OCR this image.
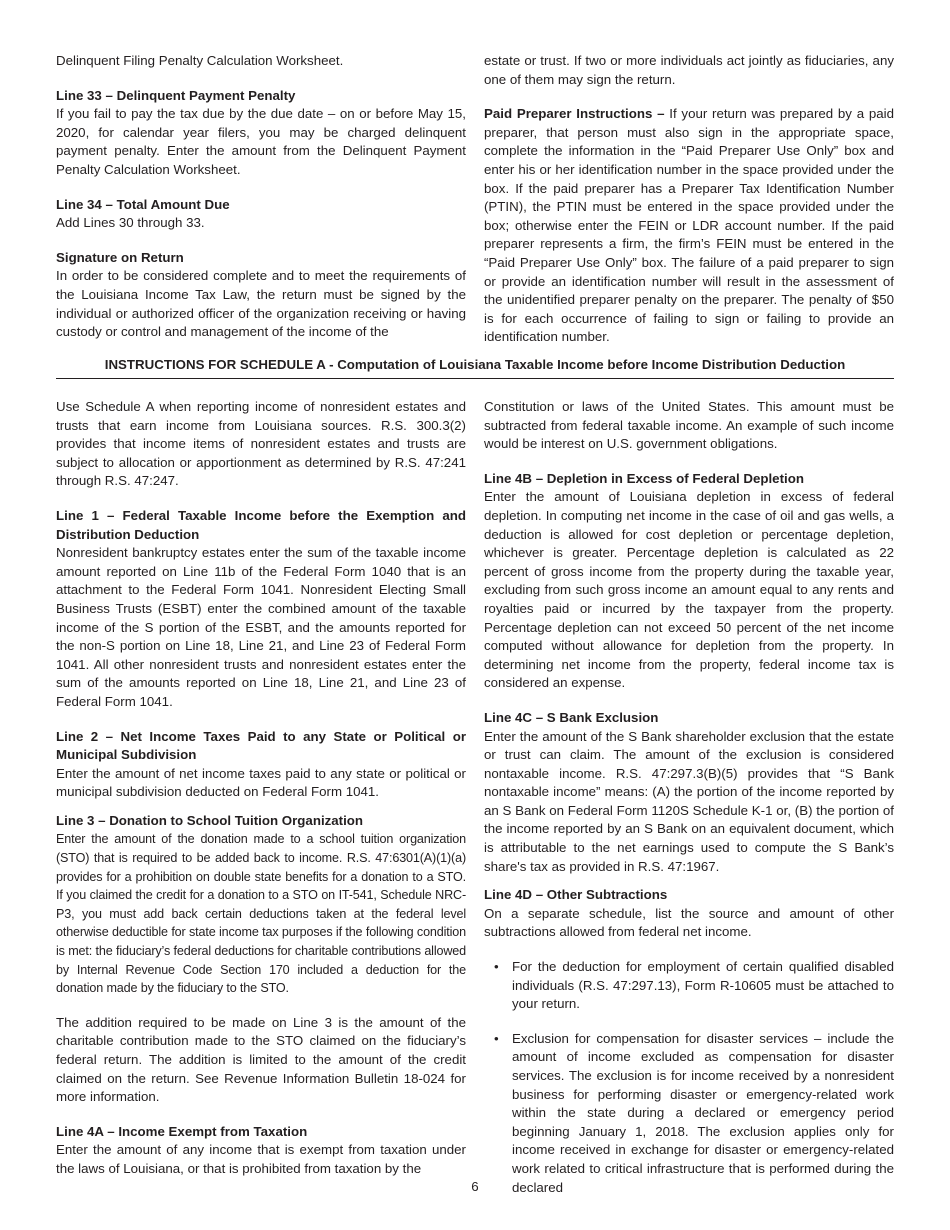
Delinquent Filing Penalty Calculation Worksheet.

Line 33 – Delinquent Payment Penalty

If you fail to pay the tax due by the due date – on or before May 15, 2020, for calendar year filers, you may be charged delinquent payment penalty. Enter the amount from the Delinquent Payment Penalty Calculation Worksheet.

Line 34 – Total Amount Due

Add Lines 30 through 33.

Signature on Return

In order to be considered complete and to meet the requirements of the Louisiana Income Tax Law, the return must be signed by the individual or authorized officer of the organization receiving or having custody or control and management of the income of the

estate or trust. If two or more individuals act jointly as fiduciaries, any one of them may sign the return.

Paid Preparer Instructions – If your return was prepared by a paid preparer, that person must also sign in the appropriate space, complete the information in the “Paid Preparer Use Only” box and enter his or her identification number in the space provided under the box. If the paid preparer has a Preparer Tax Identification Number (PTIN), the PTIN must be entered in the space provided under the box; otherwise enter the FEIN or LDR account number. If the paid preparer represents a firm, the firm’s FEIN must be entered in the “Paid Preparer Use Only” box. The failure of a paid preparer to sign or provide an identification number will result in the assessment of the unidentified preparer penalty on the preparer. The penalty of $50 is for each occurrence of failing to sign or failing to provide an identification number.

INSTRUCTIONS FOR SCHEDULE A - Computation of Louisiana Taxable Income before Income Distribution Deduction

Use Schedule A when reporting income of nonresident estates and trusts that earn income from Louisiana sources. R.S. 300.3(2) provides that income items of nonresident estates and trusts are subject to allocation or apportionment as determined by R.S. 47:241 through R.S. 47:247.

Line 1 – Federal Taxable Income before the Exemption and Distribution Deduction

Nonresident bankruptcy estates enter the sum of the taxable income amount reported on Line 11b of the Federal Form 1040 that is an attachment to the Federal Form 1041. Nonresident Electing Small Business Trusts (ESBT) enter the combined amount of the taxable income of the S portion of the ESBT, and the amounts reported for the non-S portion on Line 18, Line 21, and Line 23 of Federal Form 1041. All other nonresident trusts and nonresident estates enter the sum of the amounts reported on Line 18, Line 21, and Line 23 of Federal Form 1041.

Line 2 – Net Income Taxes Paid to any State or Political or Municipal Subdivision

Enter the amount of net income taxes paid to any state or political or municipal subdivision deducted on Federal Form 1041.

Line 3 – Donation to School Tuition Organization

Enter the amount of the donation made to a school tuition organization (STO) that is required to be added back to income. R.S. 47:6301(A)(1)(a) provides for a prohibition on double state benefits for a donation to a STO. If you claimed the credit for a donation to a STO on IT-541, Schedule NRC-P3, you must add back certain deductions taken at the federal level otherwise deductible for state income tax purposes if the following condition is met: the fiduciary’s federal deductions for charitable contributions allowed by Internal Revenue Code Section 170 included a deduction for the donation made by the fiduciary to the STO.

The addition required to be made on Line 3 is the amount of the charitable contribution made to the STO claimed on the fiduciary’s federal return. The addition is limited to the amount of the credit claimed on the return. See Revenue Information Bulletin 18-024 for more information.

Line 4A – Income Exempt from Taxation

Enter the amount of any income that is exempt from taxation under the laws of Louisiana, or that is prohibited from taxation by the

Constitution or laws of the United States. This amount must be subtracted from federal taxable income. An example of such income would be interest on U.S. government obligations.

Line 4B – Depletion in Excess of Federal Depletion

Enter the amount of Louisiana depletion in excess of federal depletion. In computing net income in the case of oil and gas wells, a deduction is allowed for cost depletion or percentage depletion, whichever is greater. Percentage depletion is calculated as 22 percent of gross income from the property during the taxable year, excluding from such gross income an amount equal to any rents and royalties paid or incurred by the taxpayer from the property. Percentage depletion can not exceed 50 percent of the net income computed without allowance for depletion from the property. In determining net income from the property, federal income tax is considered an expense.

Line 4C – S Bank Exclusion

Enter the amount of the S Bank shareholder exclusion that the estate or trust can claim. The amount of the exclusion is considered nontaxable income. R.S. 47:297.3(B)(5) provides that “S Bank nontaxable income” means: (A) the portion of the income reported by an S Bank on Federal Form 1120S Schedule K-1 or, (B) the portion of the income reported by an S Bank on an equivalent document, which is attributable to the net earnings used to compute the S Bank’s share's tax as provided in R.S. 47:1967.

Line 4D – Other Subtractions

On a separate schedule, list the source and amount of other subtractions allowed from federal net income.

• For the deduction for employment of certain qualified disabled individuals (R.S. 47:297.13), Form R-10605 must be attached to your return.
• Exclusion for compensation for disaster services – include the amount of income excluded as compensation for disaster services. The exclusion is for income received by a nonresident business for performing disaster or emergency-related work within the state during a declared or emergency period beginning January 1, 2018. The exclusion applies only for income received in exchange for disaster or emergency-related work related to critical infrastructure that is performed during the declared
6
